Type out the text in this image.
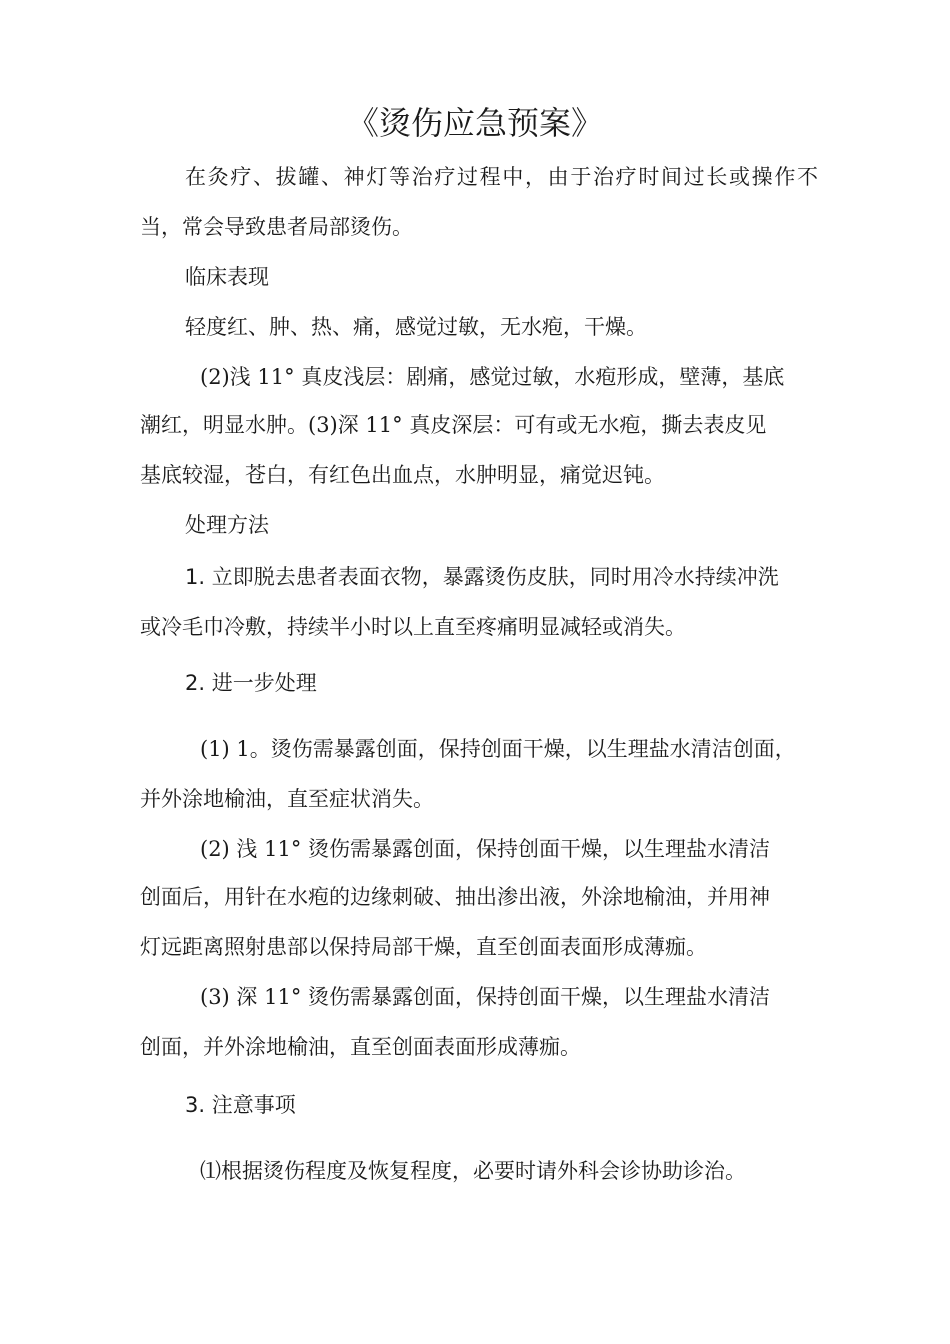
《烫伤应急预案》
在灸疗、拔罐、神灯等治疗过程中，由于治疗时间过长或操作不
当，常会导致患者局部烫伤。
临床表现
轻度红、肿、热、痛，感觉过敏，无水疱，干燥。
(2)浅 11° 真皮浅层：剧痛，感觉过敏，水疱形成，壁薄，基底
潮红，明显水肿。(3)深 11° 真皮深层：可有或无水疱，撕去表皮见
基底较湿，苍白，有红色出血点，水肿明显，痛觉迟钝。
处理方法
1. 立即脱去患者表面衣物，暴露烫伤皮肤，同时用冷水持续冲洗
或冷毛巾冷敷，持续半小时以上直至疼痛明显减轻或消失。
2. 进一步处理
(1) 1。烫伤需暴露创面，保持创面干燥，以生理盐水清洁创面，
并外涂地榆油，直至症状消失。
(2) 浅 11° 烫伤需暴露创面，保持创面干燥，以生理盐水清洁
创面后，用针在水疱的边缘刺破、抽出渗出液，外涂地榆油，并用神
灯远距离照射患部以保持局部干燥，直至创面表面形成薄痂。
(3) 深 11° 烫伤需暴露创面，保持创面干燥，以生理盐水清洁
创面，并外涂地榆油，直至创面表面形成薄痂。
3. 注意事项
⑴根据烫伤程度及恢复程度，必要时请外科会诊协助诊治。
